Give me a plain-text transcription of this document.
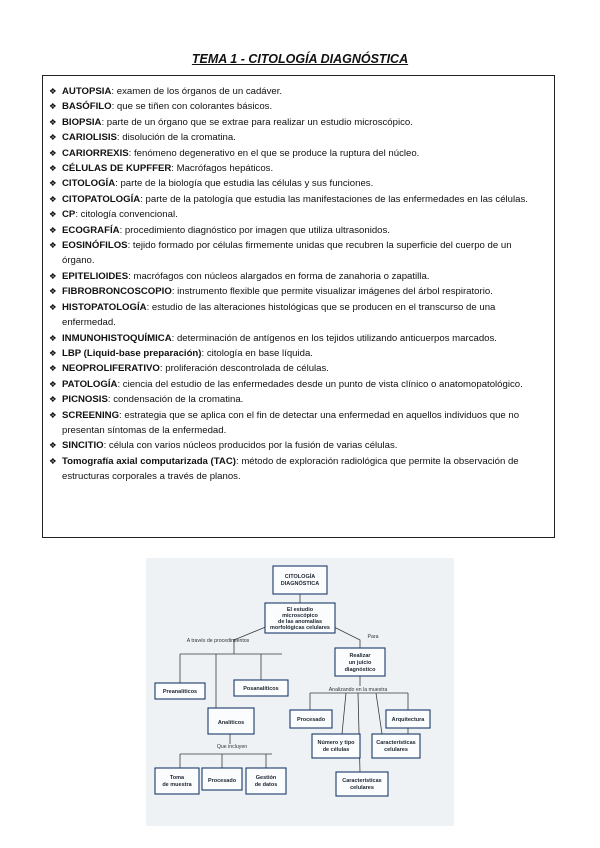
TEMA 1 - CITOLOGÍA DIAGNÓSTICA
❖ AUTOPSIA: examen de los órganos de un cadáver.
❖ BASÓFILO: que se tiñen con colorantes básicos.
❖ BIOPSIA: parte de un órgano que se extrae para realizar un estudio microscópico.
❖ CARIOLISIS: disolución de la cromatina.
❖ CARIORREXIS: fenómeno degenerativo en el que se produce la ruptura del núcleo.
❖ CÉLULAS DE KUPFFER: Macrófagos hepáticos.
❖ CITOLOGÍA: parte de la biología que estudia las células y sus funciones.
❖ CITOPATOLOGÍA: parte de la patología que estudia las manifestaciones de las enfermedades en las células.
❖ CP: citología convencional.
❖ ECOGRAFÍA: procedimiento diagnóstico por imagen que utiliza ultrasonidos.
❖ EOSINÓFILOS: tejido formado por células firmemente unidas que recubren la superficie del cuerpo de un órgano.
❖ EPITELIOIDES: macrófagos con núcleos alargados en forma de zanahoria o zapatilla.
❖ FIBROBRONCOSCOPIO: instrumento flexible que permite visualizar imágenes del árbol respiratorio.
❖ HISTOPATOLOGÍA: estudio de las alteraciones histológicas que se producen en el transcurso de una enfermedad.
❖ INMUNOHISTOQUÍMICA: determinación de antígenos en los tejidos utilizando anticuerpos marcados.
❖ LBP (Liquid-base preparación): citología en base líquida.
❖ NEOPROLIFERATIVO: proliferación descontrolada de células.
❖ PATOLOGÍA: ciencia del estudio de las enfermedades desde un punto de vista clínico o anatomopatológico.
❖ PICNOSIS: condensación de la cromatina.
❖ SCREENING: estrategia que se aplica con el fin de detectar una enfermedad en aquellos individuos que no presentan síntomas de la enfermedad.
❖ SINCITIO: célula con varios núcleos producidos por la fusión de varias células.
❖ Tomografía axial computarizada (TAC): método de exploración radiológica que permite la observación de estructuras corporales a través de planos.
A través de procedimientos
Para
Analizando en la muestra
Que incluyen
CITOLOGÍA
DIAGNÓSTICA
El estudio
microscópico
de las anomalías
morfológicas celulares
Preanalíticos	Posanalíticos
Analíticos
Toma
de muestra
Procesado	Gestión
de datos
Realizar
un juicio
diagnóstico
Procesado	Arquitectura
Número y tipo
de células
Características
celulares
Características
celulares
